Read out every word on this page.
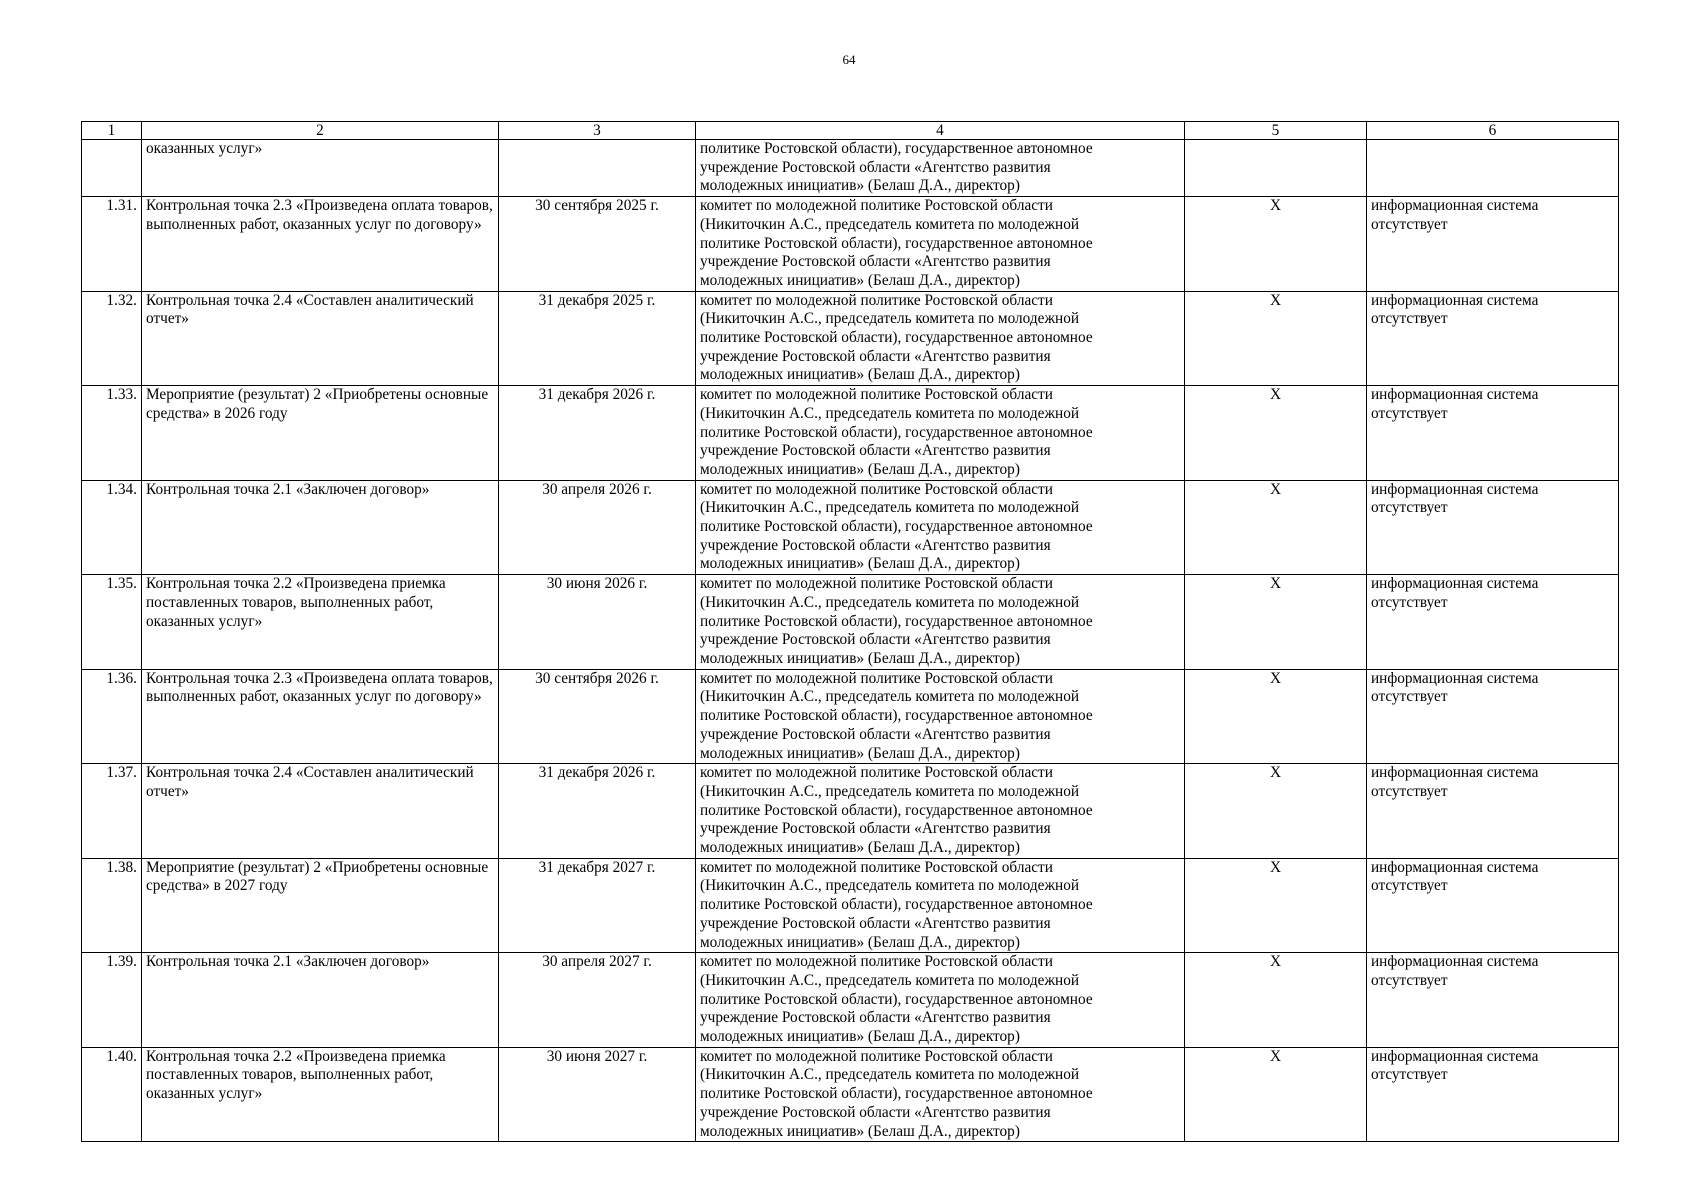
64
1	2	3	4	5	6
	оказанных услуг»		политике Ростовской области), государственное автономное
учреждение Ростовской области «Агентство развития
молодежных инициатив» (Белаш Д.А., директор)		
1.31.	Контрольная точка 2.3 «Произведена оплата товаров, выполненных работ, оказанных услуг по договору»	30 сентября 2025 г.	комитет по молодежной политике Ростовской области
(Никиточкин А.С., председатель комитета по молодежной
политике Ростовской области), государственное автономное
учреждение Ростовской области «Агентство развития
молодежных инициатив» (Белаш Д.А., директор)	Х	информационная система отсутствует
1.32.	Контрольная точка 2.4 «Составлен аналитический отчет»	31 декабря 2025 г.	комитет по молодежной политике Ростовской области
(Никиточкин А.С., председатель комитета по молодежной
политике Ростовской области), государственное автономное
учреждение Ростовской области «Агентство развития
молодежных инициатив» (Белаш Д.А., директор)	Х	информационная система отсутствует
1.33.	Мероприятие (результат) 2 «Приобретены основные средства» в 2026 году	31 декабря 2026 г.	комитет по молодежной политике Ростовской области
(Никиточкин А.С., председатель комитета по молодежной
политике Ростовской области), государственное автономное
учреждение Ростовской области «Агентство развития
молодежных инициатив» (Белаш Д.А., директор)	Х	информационная система отсутствует
1.34.	Контрольная точка 2.1 «Заключен договор»	30 апреля 2026 г.	комитет по молодежной политике Ростовской области
(Никиточкин А.С., председатель комитета по молодежной
политике Ростовской области), государственное автономное
учреждение Ростовской области «Агентство развития
молодежных инициатив» (Белаш Д.А., директор)	Х	информационная система отсутствует
1.35.	Контрольная точка 2.2 «Произведена приемка поставленных товаров, выполненных работ, оказанных услуг»	30 июня 2026 г.	комитет по молодежной политике Ростовской области
(Никиточкин А.С., председатель комитета по молодежной
политике Ростовской области), государственное автономное
учреждение Ростовской области «Агентство развития
молодежных инициатив» (Белаш Д.А., директор)	Х	информационная система отсутствует
1.36.	Контрольная точка 2.3 «Произведена оплата товаров, выполненных работ, оказанных услуг по договору»	30 сентября 2026 г.	комитет по молодежной политике Ростовской области
(Никиточкин А.С., председатель комитета по молодежной
политике Ростовской области), государственное автономное
учреждение Ростовской области «Агентство развития
молодежных инициатив» (Белаш Д.А., директор)	Х	информационная система отсутствует
1.37.	Контрольная точка 2.4 «Составлен аналитический отчет»	31 декабря 2026 г.	комитет по молодежной политике Ростовской области
(Никиточкин А.С., председатель комитета по молодежной
политике Ростовской области), государственное автономное
учреждение Ростовской области «Агентство развития
молодежных инициатив» (Белаш Д.А., директор)	Х	информационная система отсутствует
1.38.	Мероприятие (результат) 2 «Приобретены основные средства» в 2027 году	31 декабря 2027 г.	комитет по молодежной политике Ростовской области
(Никиточкин А.С., председатель комитета по молодежной
политике Ростовской области), государственное автономное
учреждение Ростовской области «Агентство развития
молодежных инициатив» (Белаш Д.А., директор)	Х	информационная система отсутствует
1.39.	Контрольная точка 2.1 «Заключен договор»	30 апреля 2027 г.	комитет по молодежной политике Ростовской области
(Никиточкин А.С., председатель комитета по молодежной
политике Ростовской области), государственное автономное
учреждение Ростовской области «Агентство развития
молодежных инициатив» (Белаш Д.А., директор)	Х	информационная система отсутствует
1.40.	Контрольная точка 2.2 «Произведена приемка поставленных товаров, выполненных работ, оказанных услуг»	30 июня 2027 г.	комитет по молодежной политике Ростовской области
(Никиточкин А.С., председатель комитета по молодежной
политике Ростовской области), государственное автономное
учреждение Ростовской области «Агентство развития
молодежных инициатив» (Белаш Д.А., директор)	Х	информационная система отсутствует
